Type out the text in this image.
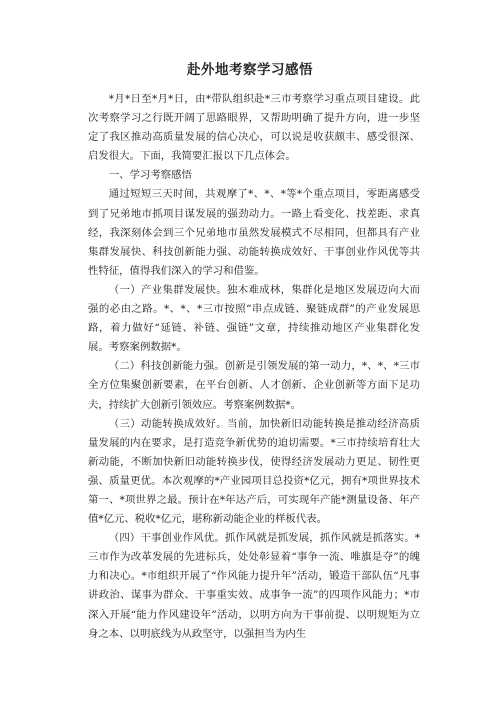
赴外地考察学习感悟

*月*日至*月*日，由*带队组织赴*三市考察学习重点项目建设。此次考察学习之行既开阔了思路眼界，又帮助明确了提升方向，进一步坚定了我区推动高质量发展的信心决心，可以说是收获颇丰、感受很深、启发很大。下面，我简要汇报以下几点体会。

一、学习考察感悟

通过短短三天时间，共观摩了*、*、*等*个重点项目，零距离感受到了兄弟地市抓项目谋发展的强劲动力。一路上看变化、找差距、求真经，我深刻体会到三个兄弟地市虽然发展模式不尽相同，但都具有产业集群发展快、科技创新能力强、动能转换成效好、干事创业作风优等共性特征，值得我们深入的学习和借鉴。

（一）产业集群发展快。独木难成林，集群化是地区发展迈向大而强的必由之路。*、*、*三市按照“串点成链、聚链成群”的产业发展思路，着力做好“延链、补链、强链”文章，持续推动地区产业集群化发展。考察案例数据*。

（二）科技创新能力强。创新是引领发展的第一动力，*、*、*三市全方位集聚创新要素，在平台创新、人才创新、企业创新等方面下足功夫，持续扩大创新引领效应。考察案例数据*。

（三）动能转换成效好。当前，加快新旧动能转换是推动经济高质量发展的内在要求，是打造竞争新优势的迫切需要。*三市持续培育壮大新动能，不断加快新旧动能转换步伐，使得经济发展动力更足、韧性更强、质量更优。本次观摩的*产业园项目总投资*亿元，拥有*项世界技术第一、*项世界之最。预计在*年达产后，可实现年产能*测量设备、年产值*亿元、税收*亿元，堪称新动能企业的样板代表。

（四）干事创业作风优。抓作风就是抓发展，抓作风就是抓落实。*三市作为改革发展的先进标兵，处处彰显着“事争一流、唯旗是夺”的魄力和决心。*市组织开展了“作风能力提升年”活动，锻造干部队伍“凡事讲政治、谋事为群众、干事重实效、成事争一流”的四项作风能力；*市深入开展“能力作风建设年”活动，以明方向为干事前提、以明规矩为立身之本、以明底线为从政坚守，以强担当为内生
